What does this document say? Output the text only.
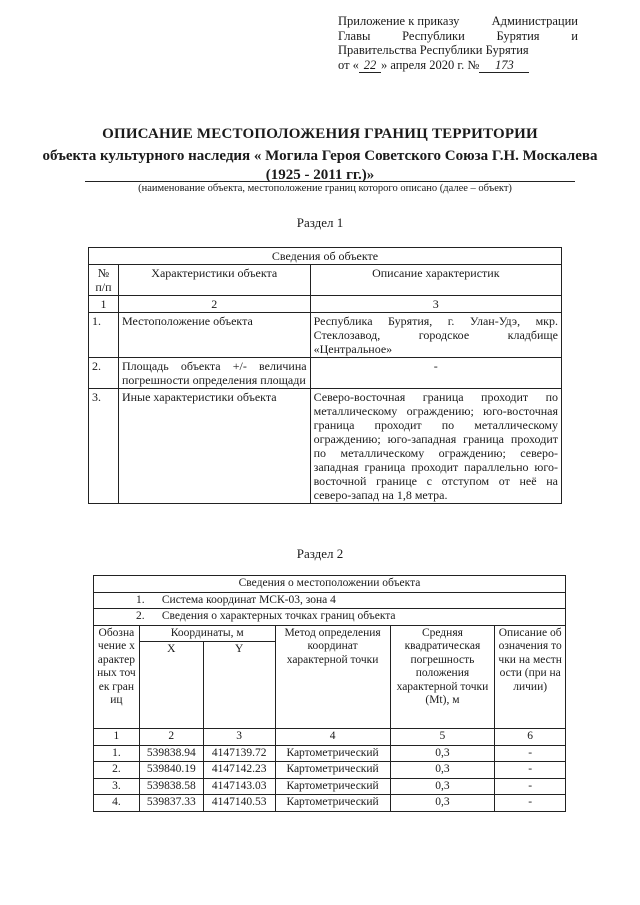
Приложение к приказу	Администрации
Главы	Республики	Бурятия	и
Правительства Республики Бурятия
от « 22 » апреля 2020 г. № 173
ОПИСАНИЕ МЕСТОПОЛОЖЕНИЯ ГРАНИЦ ТЕРРИТОРИИ
объекта культурного наследия « Могила Героя Советского Союза Г.Н. Москалева (1925 - 2011 гг.)»
(наименование объекта, местоположение границ которого описано (далее – объект)
Раздел 1
Сведения об объекте		
№ п/п	Характеристики объекта	Описание характеристик
1	2	3
1.	Местоположение объекта	Республика Бурятия, г. Улан-Удэ, мкр. Стеклозавод, городское кладбище «Центральное»
2.	Площадь объекта +/- величина погрешности определения площади	-
3.	Иные характеристики объекта	Северо-восточная граница проходит по металлическому ограждению; юго-восточная граница проходит по металлическому ограждению; юго-западная граница проходит по металлическому ограждению; северо-западная граница проходит параллельно юго-восточной границе с отступом от неё на северо-запад на 1,8 метра.
Раздел 2
Сведения о местоположении объекта					
1. Система координат МСК-03, зона 4					
2. Сведения о характерных точках границ объекта					
Обозначение характерных точек границ	Координаты, м		Метод определения координат характерной точки	Средняя квадратическая погрешность положения характерной точки (Mt), м	Описание обозначения точки на местности (при наличии)
	X	Y			
1	2	3	4	5	6
1.	539838.94	4147139.72	Картометрический	0,3	-
2.	539840.19	4147142.23	Картометрический	0,3	-
3.	539838.58	4147143.03	Картометрический	0,3	-
4.	539837.33	4147140.53	Картометрический	0,3	-
